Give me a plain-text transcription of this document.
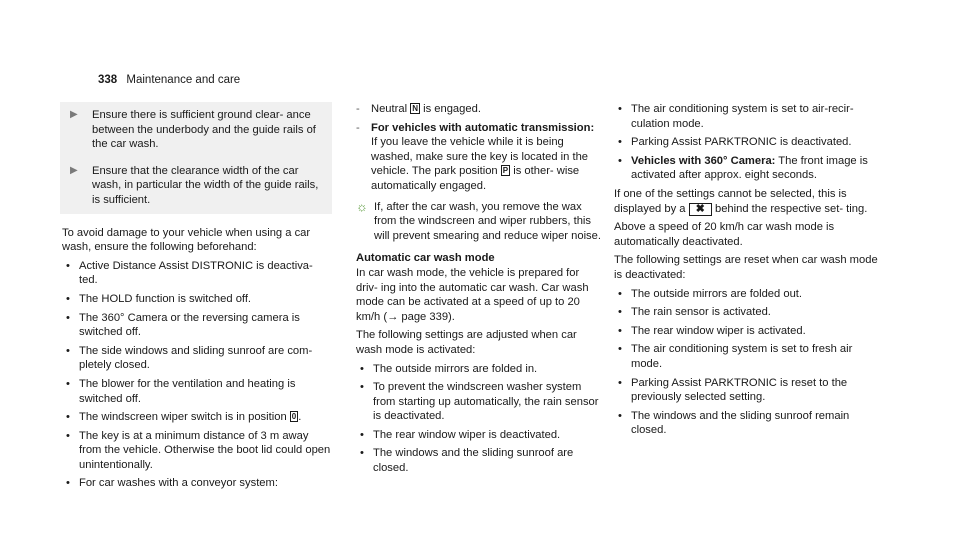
338 Maintenance and care
▶	Ensure there is sufficient ground clear- ance between the underbody and the guide rails of the car wash.
▶	Ensure that the clearance width of the car wash, in particular the width of the guide rails, is sufficient.

To avoid damage to your vehicle when using a car wash, ensure the following beforehand:

• Active Distance Assist DISTRONIC is deactiva- ted.
• The HOLD function is switched off.
• The 360° Camera or the reversing camera is switched off.
• The side windows and sliding sunroof are com- pletely closed.
• The blower for the ventilation and heating is switched off.
• The windscreen wiper switch is in position 0 .
• The key is at a minimum distance of 3 m away from the vehicle. Otherwise the boot lid could open unintentionally.
• For car washes with a conveyor system:
-	Neutral N is engaged.
-	For vehicles with automatic transmission:
If you leave the vehicle while it is being washed, make sure the key is located in the vehicle. The park position P is other- wise automatically engaged.
☼ If, after the car wash, you remove the wax from the windscreen and wiper rubbers, this will prevent smearing and reduce wiper noise.
Automatic car wash mode

In car wash mode, the vehicle is prepared for driv- ing into the automatic car wash. Car wash mode can be activated at a speed of up to 20 km/h (→ page 339).

The following settings are adjusted when car wash mode is activated:

• The outside mirrors are folded in.
• To prevent the windscreen washer system from starting up automatically, the rain sensor is deactivated.
• The rear window wiper is deactivated.
• The windows and the sliding sunroof are closed.
• The air conditioning system is set to air-recir- culation mode.
• Parking Assist PARKTRONIC is deactivated.
• Vehicles with 360° Camera: The front image is activated after approx. eight seconds.

If one of the settings cannot be selected, this is displayed by a ✖ behind the respective set- ting.

Above a speed of 20 km/h car wash mode is automatically deactivated.

The following settings are reset when car wash mode is deactivated:

• The outside mirrors are folded out.
• The rain sensor is activated.
• The rear window wiper is activated.
• The air conditioning system is set to fresh air mode.
• Parking Assist PARKTRONIC is reset to the previously selected setting.
• The windows and the sliding sunroof remain closed.
